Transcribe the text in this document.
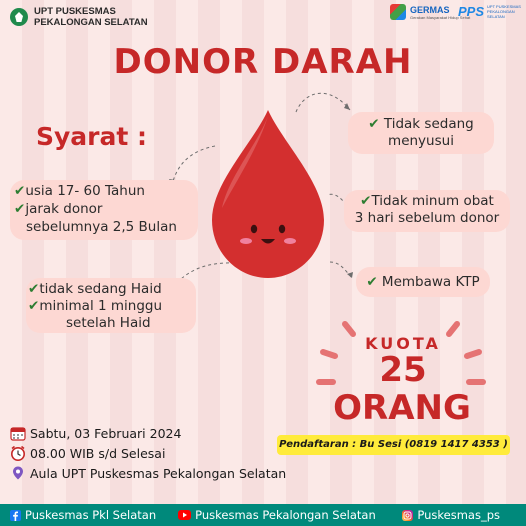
UPT PUSKESMAS
PEKALONGAN SELATAN
GERMAS
Gerakan Masyarakat Hidup Sehat
PPS UPT PUSKESMAS PEKALONGAN SELATAN
DONOR DARAH
Syarat :
✔usia 17- 60 Tahun
✔jarak donor
sebelumnya 2,5 Bulan
✔tidak sedang Haid
✔minimal 1 minggu
setelah Haid
✔ Tidak sedang
menyusui
✔Tidak minum obat
3 hari sebelum donor
✔ Membawa KTP
KUOTA
25
ORANG
Pendaftaran : Bu Sesi (0819 1417 4353 )
Sabtu, 03 Februari 2024
08.00 WIB s/d Selesai
Aula UPT Puskesmas Pekalongan Selatan
Puskesmas Pkl Selatan	Puskesmas Pekalongan Selatan	Puskesmas_ps
